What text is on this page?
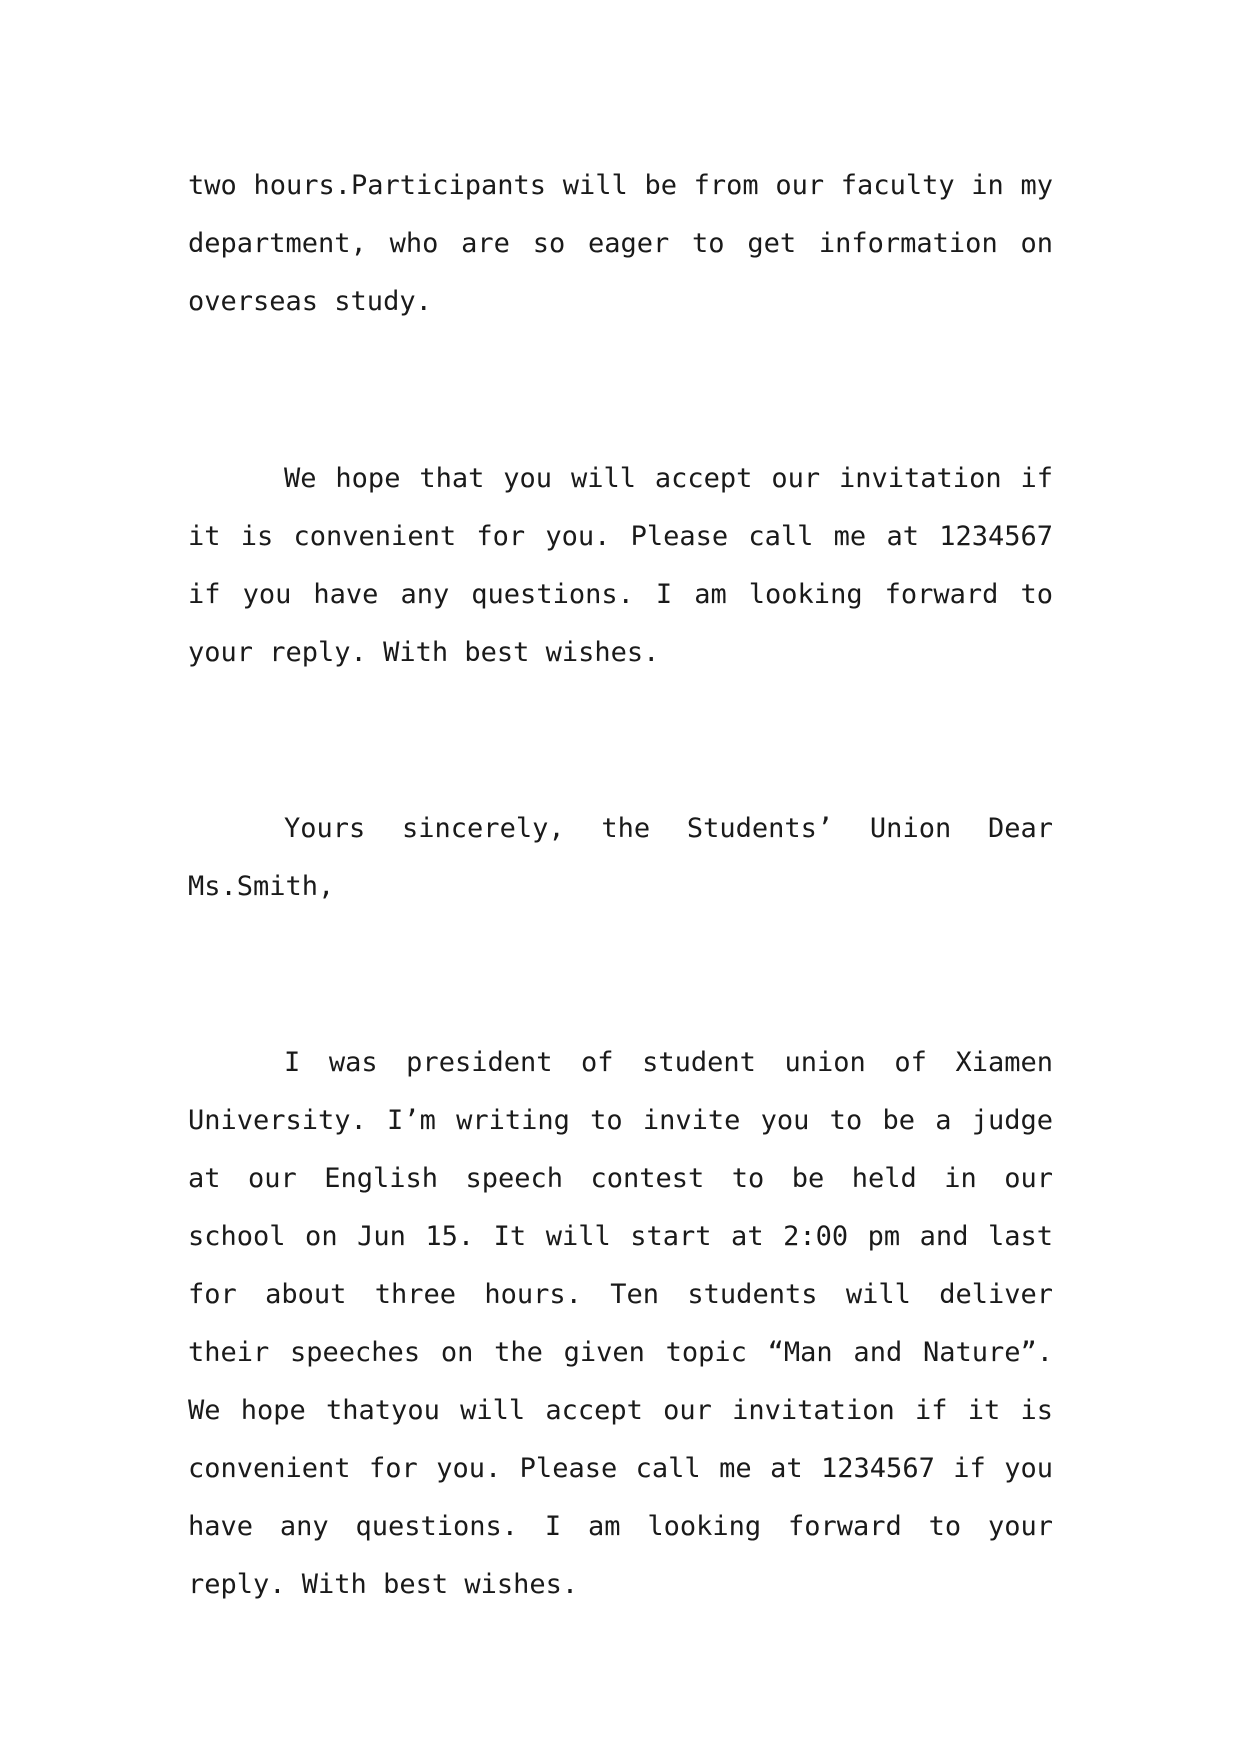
two hours.Participants will be from our faculty in my department, who are so eager to get information on overseas study.

We hope that you will accept our invitation if it is convenient for you. Please call me at 1234567 if you have any questions. I am looking forward to your reply. With best wishes.

Yours sincerely, the Students’ Union Dear Ms.Smith,

I was president of student union of Xiamen University. I’m writing to invite you to be a judge at our English speech contest to be held in our school on Jun 15. It will start at 2:00 pm and last for about three hours. Ten students will deliver their speeches on the given topic “Man and Nature”. We hope thatyou will accept our invitation if it is convenient for you. Please call me at 1234567 if you have any questions. I am looking forward to your reply. With best wishes.
